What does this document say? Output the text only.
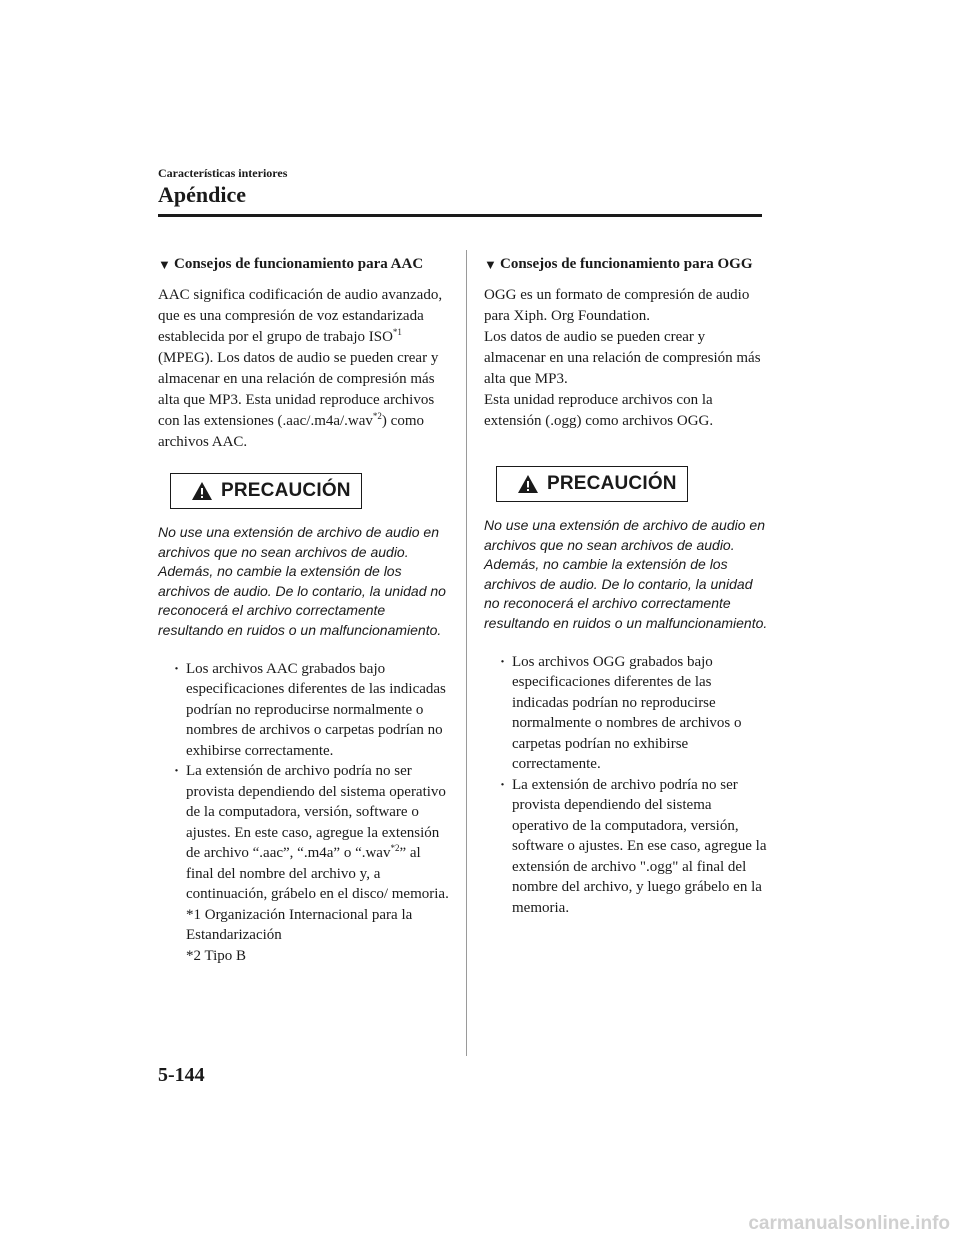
Características interiores
Apéndice
▼ Consejos de funcionamiento para AAC

AAC significa codificación de audio avanzado, que es una compresión de voz estandarizada establecida por el grupo de trabajo ISO$^{*1}$ (MPEG). Los datos de audio se pueden crear y almacenar en una relación de compresión más alta que MP3. Esta unidad reproduce archivos con las extensiones (.aac/.m4a/.wav$^{*2}$) como archivos AAC.

PRECAUCIÓN

No use una extensión de archivo de audio en archivos que no sean archivos de audio. Además, no cambie la extensión de los archivos de audio. De lo contario, la unidad no reconocerá el archivo correctamente resultando en ruidos o un malfuncionamiento.

· Los archivos AAC grabados bajo especificaciones diferentes de las indicadas podrían no reproducirse normalmente o nombres de archivos o carpetas podrían no exhibirse correctamente.
· La extensión de archivo podría no ser provista dependiendo del sistema operativo de la computadora, versión, software o ajustes. En este caso, agregue la extensión de archivo “.aac”, “.m4a” o “.wav$^{*2}$” al final del nombre del archivo y, a continuación, grábelo en el disco/ memoria.
*1 Organización Internacional para la Estandarización
*2 Tipo B
▼ Consejos de funcionamiento para OGG
OGG es un formato de compresión de audio para Xiph. Org Foundation.
Los datos de audio se pueden crear y almacenar en una relación de compresión más alta que MP3.
Esta unidad reproduce archivos con la extensión (.ogg) como archivos OGG.
PRECAUCIÓN

No use una extensión de archivo de audio en archivos que no sean archivos de audio. Además, no cambie la extensión de los archivos de audio. De lo contario, la unidad no reconocerá el archivo correctamente resultando en ruidos o un malfuncionamiento.

· Los archivos OGG grabados bajo especificaciones diferentes de las indicadas podrían no reproducirse normalmente o nombres de archivos o carpetas podrían no exhibirse correctamente.
· La extensión de archivo podría no ser provista dependiendo del sistema operativo de la computadora, versión, software o ajustes. En ese caso, agregue la extensión de archivo ".ogg" al final del nombre del archivo, y luego grábelo en la memoria.
5-144
carmanualsonline.info
